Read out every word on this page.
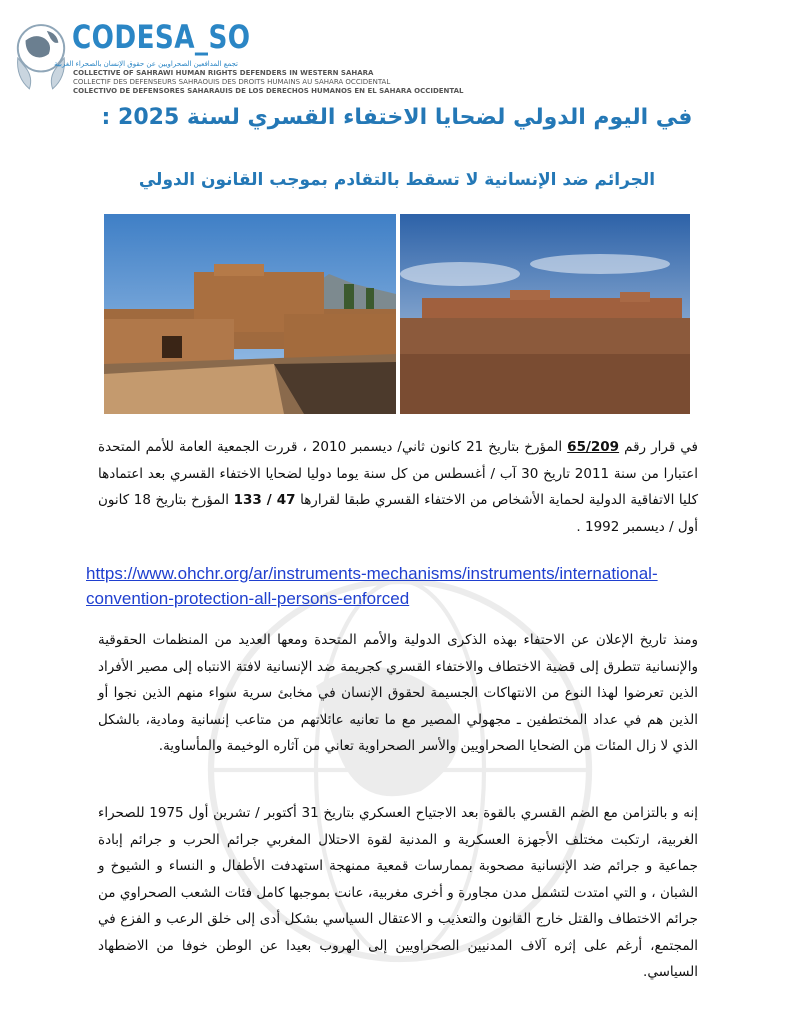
CODESA_SO
تجمع المدافعين الصحراويين عن حقوق الإنسان بالصحراء الغربية
COLLECTIVE OF SAHRAWI HUMAN RIGHTS DEFENDERS IN WESTERN SAHARA
COLLECTIF DES DEFENSEURS SAHRAOUIS DES DROITS HUMAINS AU SAHARA OCCIDENTAL
COLECTIVO DE DEFENSORES SAHARAUIS DE LOS DERECHOS HUMANOS EN EL SAHARA OCCIDENTAL
في اليوم الدولي لضحايا الاختفاء القسري لسنة 2025 :
الجرائم ضد الإنسانية لا تسقط بالتقادم بموجب القانون الدولي
في قرار رقم 65/209 المؤرخ بتاريخ 21 كانون ثاني/ ديسمبر 2010 ، قررت الجمعية العامة للأمم المتحدة اعتبارا من سنة 2011 تاريخ 30 آب / أغسطس من كل سنة يوما دوليا لضحايا الاختفاء القسري بعد اعتمادها كليا الاتفاقية الدولية لحماية الأشخاص من الاختفاء القسري طبقا لقرارها 47 / 133 المؤرخ بتاريخ 18 كانون أول / ديسمبر 1992 .
https://www.ohchr.org/ar/instruments-mechanisms/instruments/international-convention-protection-all-persons-enforced
ومنذ تاريخ الإعلان عن الاحتفاء بهذه الذكرى الدولية والأمم المتحدة ومعها العديد من المنظمات الحقوقية والإنسانية تتطرق إلى قضية الاختطاف والاختفاء القسري كجريمة ضد الإنسانية لافتة الانتباه إلى مصير الأفراد الذين تعرضوا لهذا النوع من الانتهاكات الجسيمة لحقوق الإنسان في مخابئ سرية سواء منهم الذين نجوا أو الذين هم في عداد المختطفين ـ مجهولي المصير مع ما تعانيه عائلاتهم من متاعب إنسانية ومادية، بالشكل الذي لا زال المئات من الضحايا الصحراويين والأسر الصحراوية تعاني من آثاره الوخيمة والمأساوية.
إنه و بالتزامن مع الضم القسري بالقوة بعد الاجتياح العسكري بتاريخ 31 أكتوبر / تشرين أول 1975 للصحراء الغربية، ارتكبت مختلف الأجهزة العسكرية و المدنية لقوة الاحتلال المغربي جرائم الحرب و جرائم إبادة جماعية و جرائم ضد الإنسانية مصحوبة بممارسات قمعية ممنهجة استهدفت الأطفال و النساء و الشيوخ و الشبان ، و التي امتدت لتشمل مدن مجاورة و أخرى مغربية، عانت بموجبها كامل فئات الشعب الصحراوي من جرائم الاختطاف والقتل خارج القانون والتعذيب و الاعتقال السياسي بشكل أدى إلى خلق الرعب و الفزع في المجتمع، أرغم على إثره آلاف المدنيين الصحراويين إلى الهروب بعيدا عن الوطن خوفا من الاضطهاد السياسي.
